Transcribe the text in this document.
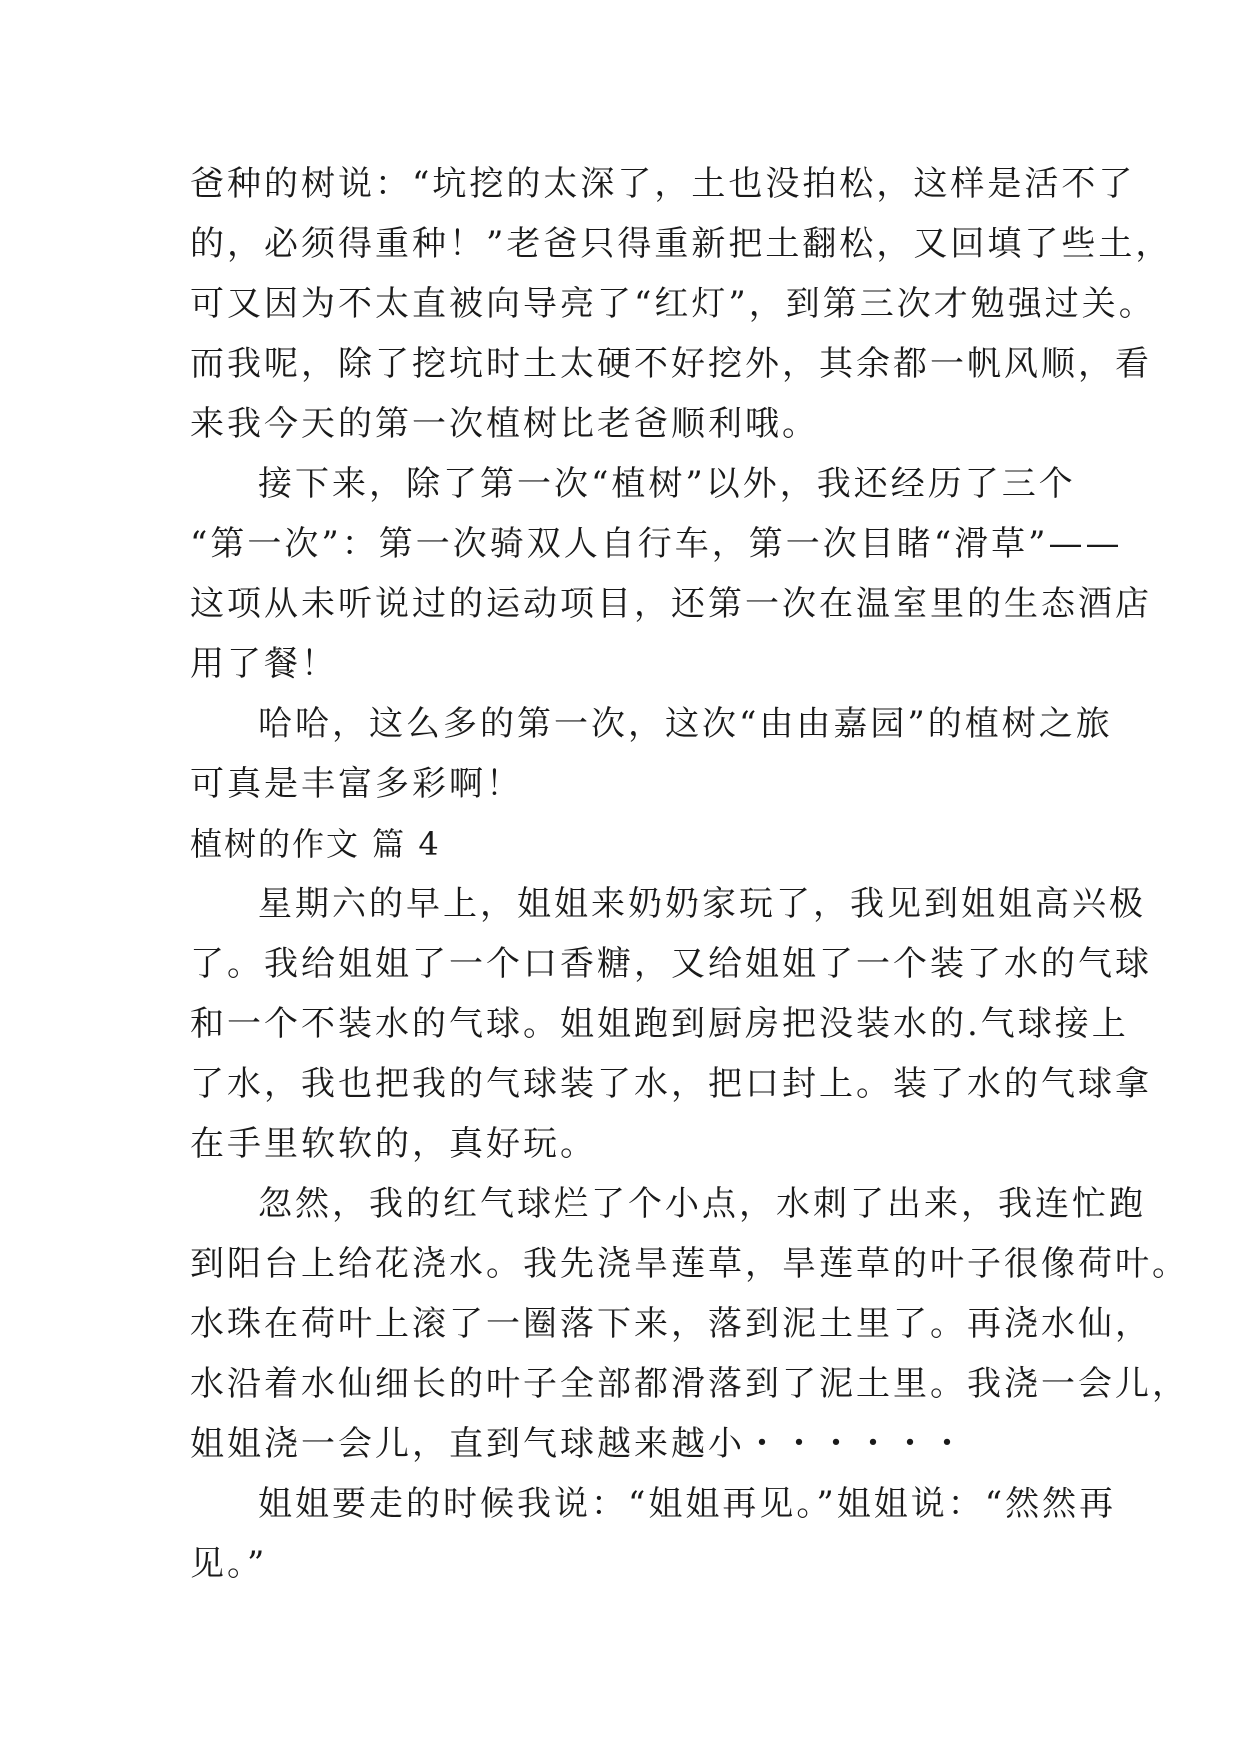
爸种的树说：“坑挖的太深了，土也没拍松，这样是活不了
的，必须得重种！”老爸只得重新把土翻松，又回填了些土，
可又因为不太直被向导亮了“红灯”，到第三次才勉强过关。
而我呢，除了挖坑时土太硬不好挖外，其余都一帆风顺，看
来我今天的第一次植树比老爸顺利哦。
接下来，除了第一次“植树”以外，我还经历了三个
“第一次”：第一次骑双人自行车，第一次目睹“滑草”——
这项从未听说过的运动项目，还第一次在温室里的生态酒店
用了餐！
哈哈，这么多的第一次，这次“由由嘉园”的植树之旅
可真是丰富多彩啊！
植树的作文 篇 4
星期六的早上，姐姐来奶奶家玩了，我见到姐姐高兴极
了。我给姐姐了一个口香糖，又给姐姐了一个装了水的气球
和一个不装水的气球。姐姐跑到厨房把没装水的.气球接上
了水，我也把我的气球装了水，把口封上。装了水的气球拿
在手里软软的，真好玩。
忽然，我的红气球烂了个小点，水刺了出来，我连忙跑
到阳台上给花浇水。我先浇旱莲草，旱莲草的叶子很像荷叶。
水珠在荷叶上滚了一圈落下来，落到泥土里了。再浇水仙，
水沿着水仙细长的叶子全部都滑落到了泥土里。我浇一会儿，
姐姐浇一会儿，直到气球越来越小・・・・・・
姐姐要走的时候我说：“姐姐再见。”姐姐说：“然然再
见。”
